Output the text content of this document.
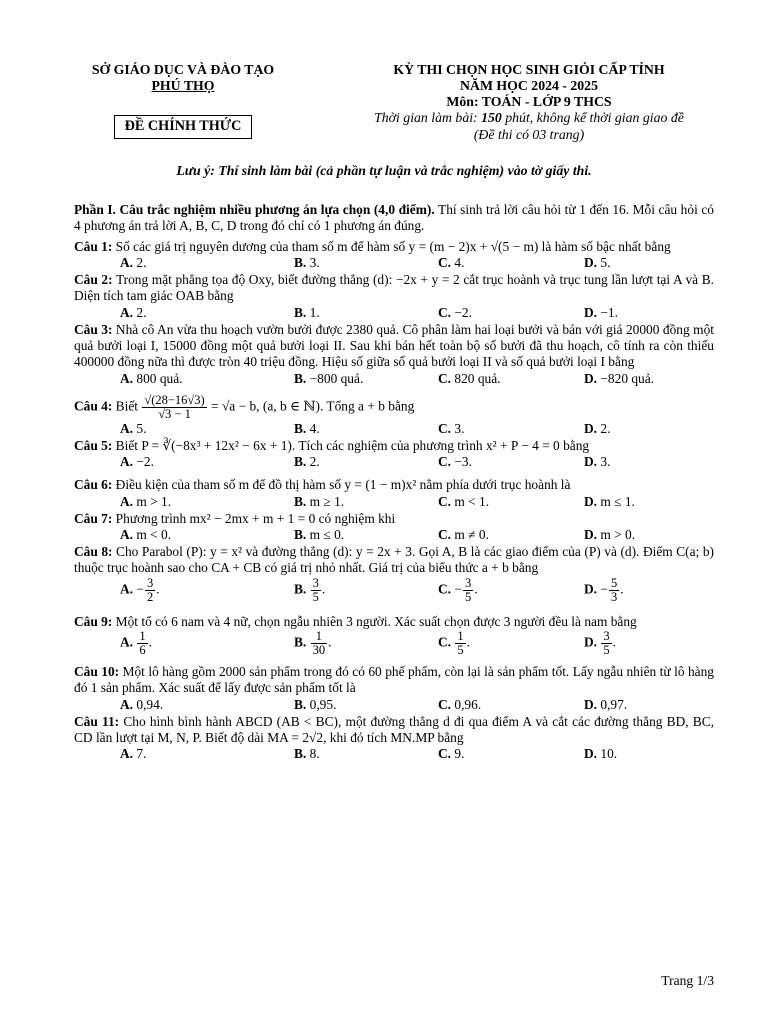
SỞ GIÁO DỤC VÀ ĐÀO TẠO
PHÚ THỌ
ĐỀ CHÍNH THỨC
KỲ THI CHỌN HỌC SINH GIỎI CẤP TỈNH
NĂM HỌC 2024 - 2025
Môn: TOÁN - LỚP 9 THCS
Thời gian làm bài: 150 phút, không kể thời gian giao đề
(Đề thi có 03 trang)
Lưu ý: Thí sinh làm bài (cả phần tự luận và trắc nghiệm) vào tờ giấy thi.

Phần I. Câu trắc nghiệm nhiều phương án lựa chọn (4,0 điểm). Thí sinh trả lời câu hỏi từ 1 đến 16. Mỗi câu hỏi có 4 phương án trả lời A, B, C, D trong đó chỉ có 1 phương án đúng.

Câu 1: Số các giá trị nguyên dương của tham số m để hàm số y = (m − 2)x + √(5 − m) là hàm số bậc nhất bằng

A. 2.	B. 3.	C. 4.	D. 5.

Câu 2: Trong mặt phẳng tọa độ Oxy, biết đường thẳng (d): −2x + y = 2 cắt trục hoành và trục tung lần lượt tại A và B. Diện tích tam giác OAB bằng

A. 2.	B. 1.	C. −2.	D. −1.

Câu 3: Nhà cô An vừa thu hoạch vườn bưởi được 2380 quả. Cô phân làm hai loại bưởi và bán với giá 20000 đồng một quả bưởi loại I, 15000 đồng một quả bưởi loại II. Sau khi bán hết toàn bộ số bưởi đã thu hoạch, cô tính ra còn thiếu 400000 đồng nữa thì được tròn 40 triệu đồng. Hiệu số giữa số quả bưởi loại II và số quả bưởi loại I bằng

A. 800 quả.	B. −800 quả.	C. 820 quả.	D. −820 quả.

Câu 4: Biết $\frac{√(28-16√3)}{√3 - 1} = √a - b$, (a, b ∈ ℕ). Tổng a + b bằng

A. 5.	B. 4.	C. 3.	D. 2.

Câu 5: Biết P = ∛(−8x³ + 12x² − 6x + 1). Tích các nghiệm của phương trình x² + P − 4 = 0 bằng

A. −2.	B. 2.	C. −3.	D. 3.

Câu 6: Điều kiện của tham số m để đồ thị hàm số y = (1 − m)x² nằm phía dưới trục hoành là

A. m > 1.	B. m ≥ 1.	C. m < 1.	D. m ≤ 1.

Câu 7: Phương trình mx² − 2mx + m + 1 = 0 có nghiệm khi

A. m < 0.	B. m ≤ 0.	C. m ≠ 0.	D. m > 0.

Câu 8: Cho Parabol (P): y = x² và đường thẳng (d): y = 2x + 3. Gọi A, B là các giao điểm của (P) và (d). Điểm C(a; b) thuộc trục hoành sao cho CA + CB có giá trị nhỏ nhất. Giá trị của biểu thức a + b bằng

A. − $\frac{3}{2}$ .	B. $\frac{3}{5}$ .	C. − $\frac{3}{5}$ .	D. − $\frac{5}{3}$ .

Câu 9: Một tổ có 6 nam và 4 nữ, chọn ngẫu nhiên 3 người. Xác suất chọn được 3 người đều là nam bằng

A. $\frac{1}{6}$ .	B. $\frac{1}{30}$ .	C. $\frac{1}{5}$ .	D. $\frac{3}{5}$ .

Câu 10: Một lô hàng gồm 2000 sản phẩm trong đó có 60 phế phẩm, còn lại là sản phẩm tốt. Lấy ngẫu nhiên từ lô hàng đó 1 sản phẩm. Xác suất để lấy được sản phẩm tốt là

A. 0,94.	B. 0,95.	C. 0,96.	D. 0,97.

Câu 11: Cho hình bình hành ABCD (AB < BC), một đường thẳng d đi qua điểm A và cắt các đường thẳng BD, BC, CD lần lượt tại M, N, P. Biết độ dài MA = 2√2, khi đó tích MN.MP bằng

A. 7.	B. 8.	C. 9.	D. 10.
Trang 1/3
